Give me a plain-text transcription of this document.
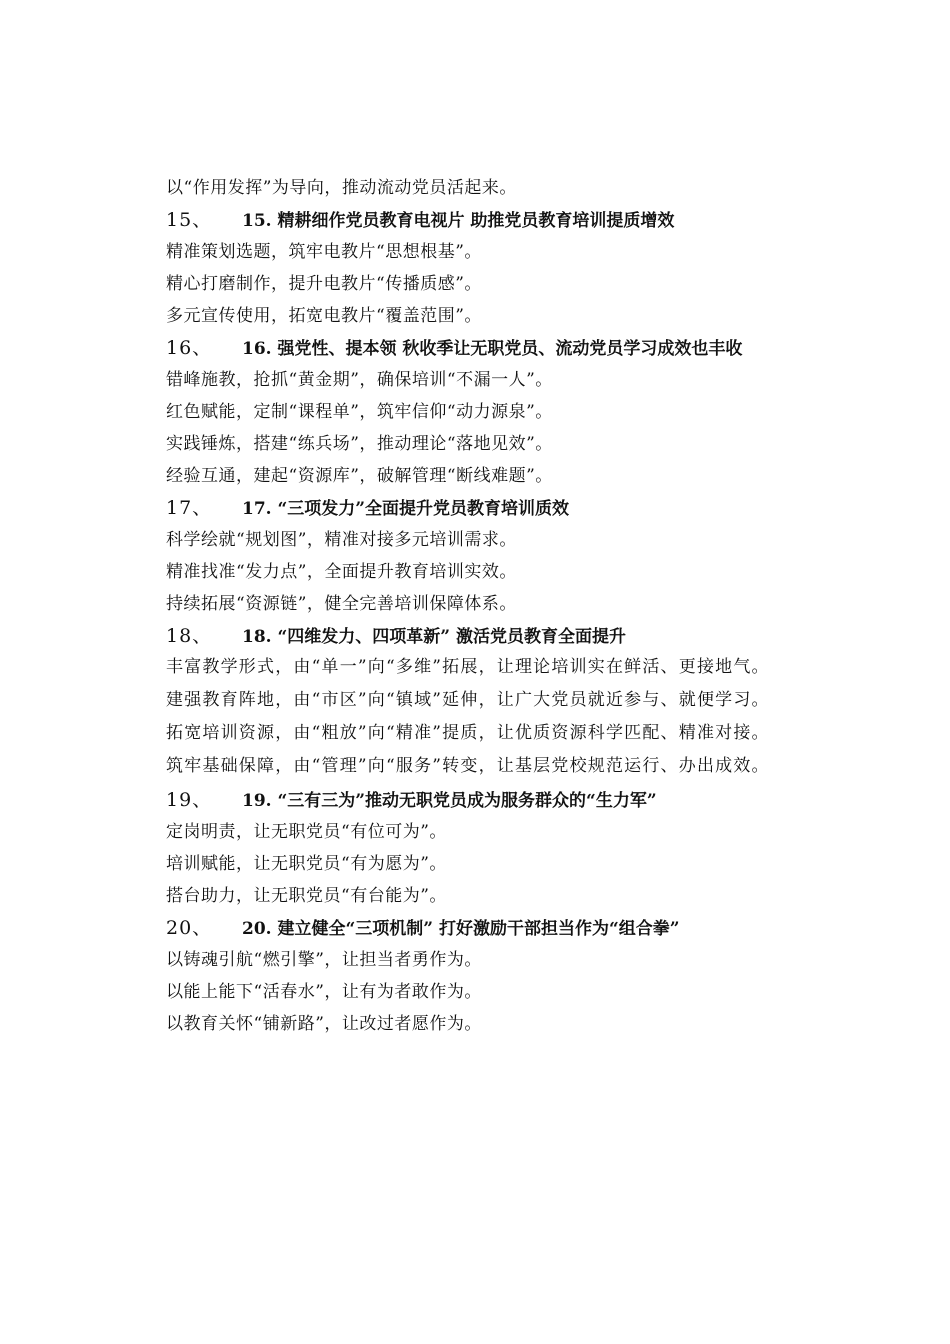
以“作用发挥”为导向，推动流动党员活起来。
15、 15. 精耕细作党员教育电视片 助推党员教育培训提质增效
精准策划选题，筑牢电教片“思想根基”。
精心打磨制作，提升电教片“传播质感”。
多元宣传使用，拓宽电教片“覆盖范围”。
16、 16. 强党性、提本领 秋收季让无职党员、流动党员学习成效也丰收
错峰施教，抢抓“黄金期”，确保培训“不漏一人”。
红色赋能，定制“课程单”，筑牢信仰“动力源泉”。
实践锤炼，搭建“练兵场”，推动理论“落地见效”。
经验互通，建起“资源库”，破解管理“断线难题”。
17、 17. “三项发力”全面提升党员教育培训质效
科学绘就“规划图”，精准对接多元培训需求。
精准找准“发力点”，全面提升教育培训实效。
持续拓展“资源链”，健全完善培训保障体系。
18、 18. “四维发力、四项革新” 激活党员教育全面提升
丰富教学形式，由“单一”向“多维”拓展，让理论培训实在鲜活、更接地气。
建强教育阵地，由“市区”向“镇域”延伸，让广大党员就近参与、就便学习。
拓宽培训资源，由“粗放”向“精准”提质，让优质资源科学匹配、精准对接。
筑牢基础保障，由“管理”向“服务”转变，让基层党校规范运行、办出成效。
19、 19. “三有三为”推动无职党员成为服务群众的“生力军”
定岗明责，让无职党员“有位可为”。
培训赋能，让无职党员“有为愿为”。
搭台助力，让无职党员“有台能为”。
20、 20. 建立健全“三项机制” 打好激励干部担当作为“组合拳”
以铸魂引航“燃引擎”，让担当者勇作为。
以能上能下“活春水”，让有为者敢作为。
以教育关怀“铺新路”，让改过者愿作为。
